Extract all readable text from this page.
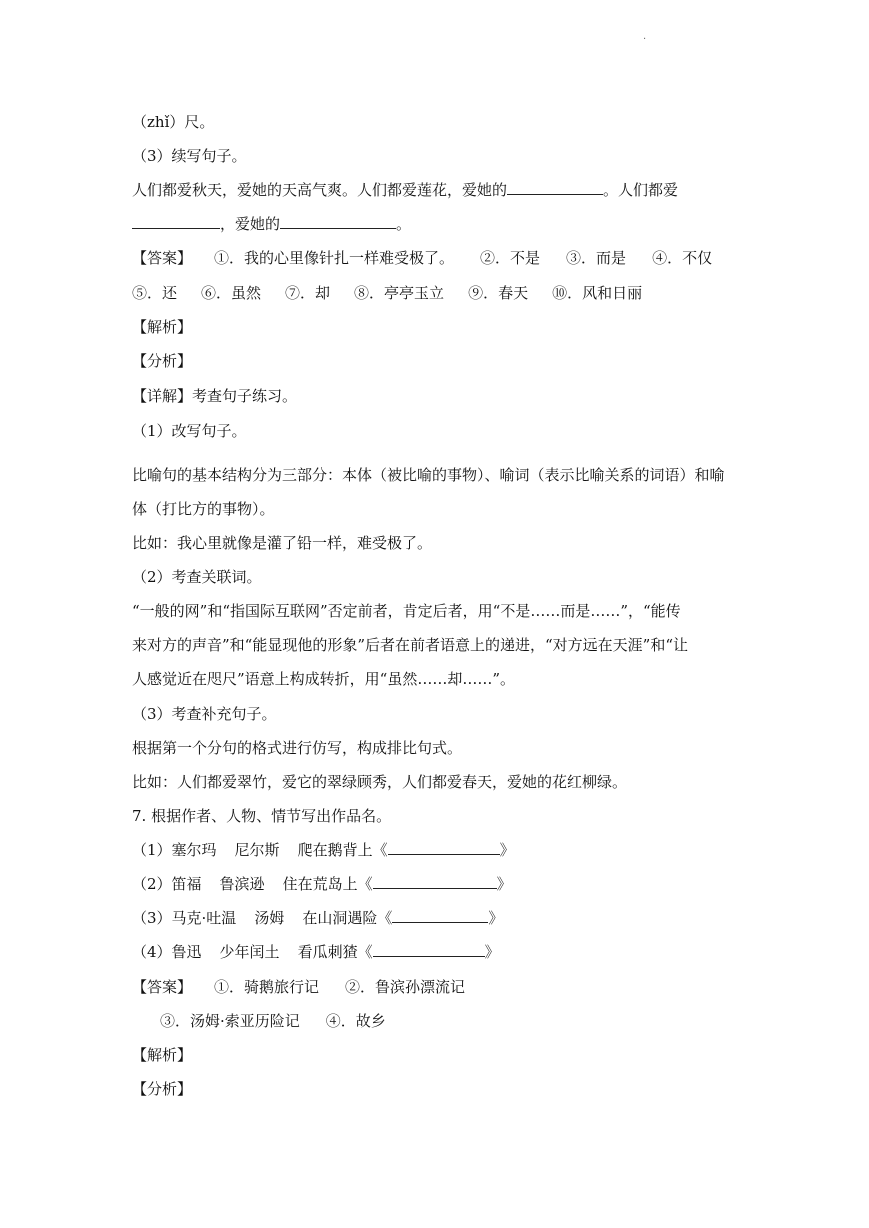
·
（zhǐ）尺。
（3）续写句子。
人们都爱秋天，爱她的天高气爽。人们都爱莲花，爱她的	。人们都爱
，爱她的	。
【答案】 ①．我的心里像针扎一样难受极了。 ②．不是 ③．而是 ④．不仅
⑤．还 ⑥．虽然 ⑦．却 ⑧．亭亭玉立 ⑨．春天 ⑩．风和日丽
【解析】
【分析】
【详解】考查句子练习。
（1）改写句子。
比喻句的基本结构分为三部分：本体（被比喻的事物）、喻词（表示比喻关系的词语）和喻
体（打比方的事物）。
比如：我心里就像是灌了铅一样，难受极了。
（2）考查关联词。
“一般的网”和“指国际互联网”否定前者，肯定后者，用“不是……而是……”，“能传
来对方的声音”和“能显现他的形象”后者在前者语意上的递进，“对方远在天涯”和“让
人感觉近在咫尺”语意上构成转折，用“虽然……却……”。
（3）考查补充句子。
根据第一个分句的格式进行仿写，构成排比句式。
比如：人们都爱翠竹，爱它的翠绿顾秀，人们都爱春天，爱她的花红柳绿。
7. 根据作者、人物、情节写出作品名。
（1）塞尔玛 尼尔斯 爬在鹅背上《	》
（2）笛福 鲁滨逊 住在荒岛上《	》
（3）马克·吐温 汤姆 在山洞遇险《	》
（4）鲁迅 少年闰土 看瓜刺猹《	》
【答案】 ①．骑鹅旅行记 ②．鲁滨孙漂流记
③．汤姆·索亚历险记 ④．故乡
【解析】
【分析】
